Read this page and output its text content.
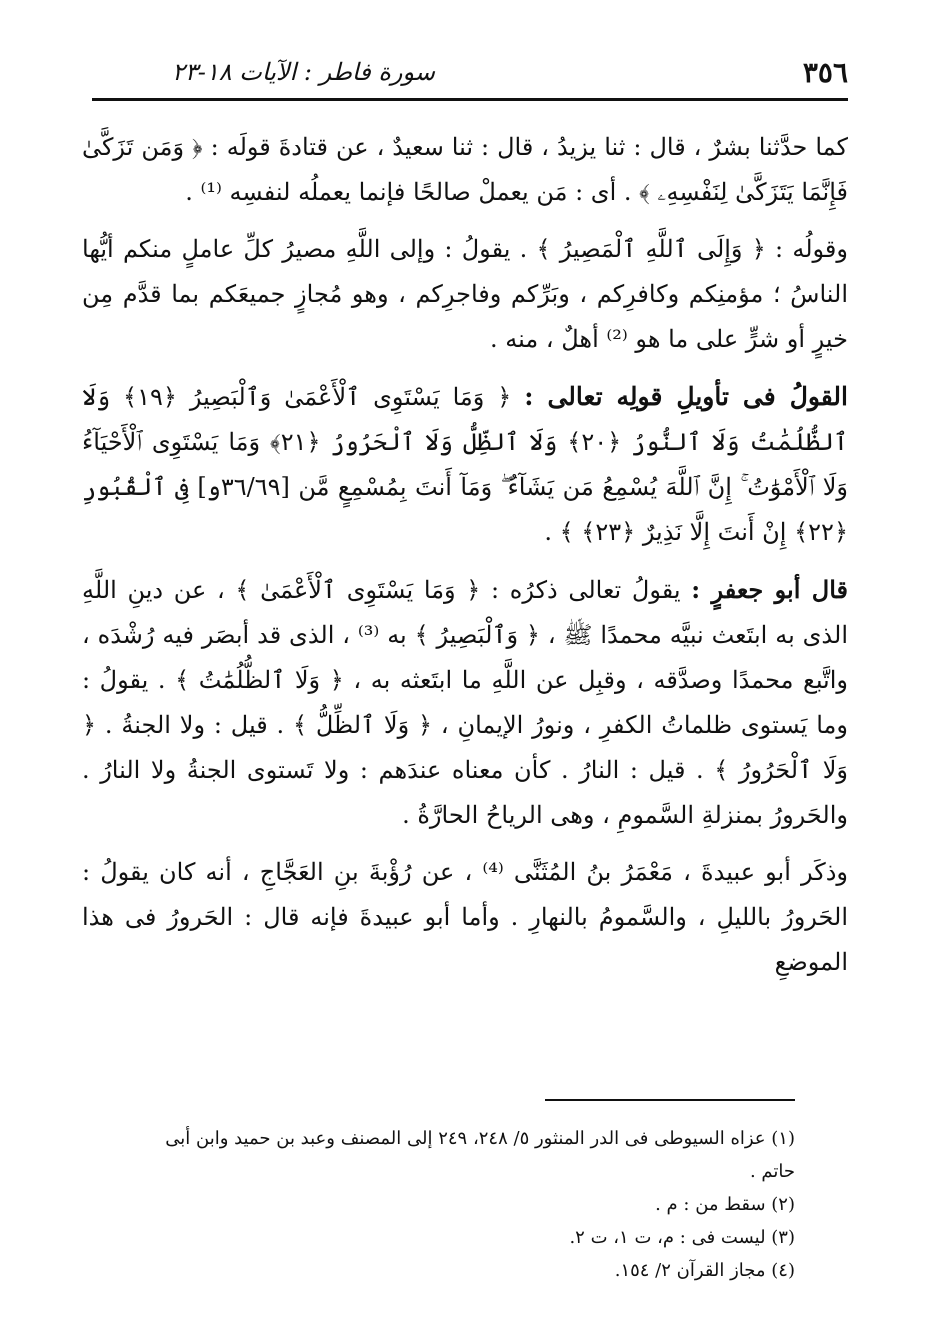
٣٥٦
سورة فاطر : الآيات ١٨-٢٣

كما حدَّثنا بشرٌ ، قال : ثنا يزيدُ ، قال : ثنا سعيدٌ ، عن قتادةَ قولَه : ﴿ وَمَن تَزَكَّىٰ فَإِنَّمَا يَتَزَكَّىٰ لِنَفْسِهِۦ ﴾ . أى : مَن يعملْ صالحًا فإنما يعملُه لنفسِه ⁽¹⁾ .

وقولُه : ﴿ وَإِلَى ٱللَّهِ ٱلْمَصِيرُ ﴾ . يقولُ : وإلى اللَّهِ مصيرُ كلِّ عاملٍ منكم أيُّها الناسُ ؛ مؤمنِكم وكافرِكم ، وبَرِّكم وفاجرِكم ، وهو مُجازٍ جميعَكم بما قدَّم مِن خيرٍ أو شرٍّ على ما هو ⁽²⁾ أهلٌ ، منه .

القولُ فى تأويلِ قولِه تعالى : ﴿ وَمَا يَسْتَوِى ٱلْأَعْمَىٰ وَٱلْبَصِيرُ ﴿١٩﴾ وَلَا ٱلظُّلُمَٰتُ وَلَا ٱلنُّورُ ﴿٢٠﴾ وَلَا ٱلظِّلُّ وَلَا ٱلْحَرُورُ ﴿٢١﴾ وَمَا يَسْتَوِى ٱلْأَحْيَآءُ وَلَا ٱلْأَمْوَٰتُ ۚ إِنَّ ٱللَّهَ يُسْمِعُ مَن يَشَآءُ ۖ وَمَآ أَنتَ بِمُسْمِعٍ مَّن [٣٦/٦٩و] فِى ٱلْقُبُورِ ﴿٢٢﴾ إِنْ أَنتَ إِلَّا نَذِيرٌ ﴿٢٣﴾ ﴾ .

قال أبو جعفرٍ : يقولُ تعالى ذكرُه : ﴿ وَمَا يَسْتَوِى ٱلْأَعْمَىٰ ﴾ ، عن دينِ اللَّهِ الذى به ابتَعث نبيَّه محمدًا ﷺ ، ﴿ وَٱلْبَصِيرُ ﴾ به ⁽³⁾ ، الذى قد أبصَر فيه رُشْدَه ، واتَّبع محمدًا وصدَّقه ، وقبِل عن اللَّهِ ما ابتَعثه به ، ﴿ وَلَا ٱلظُّلُمَٰتُ ﴾ . يقولُ : وما يَستوى ظلماتُ الكفرِ ، ونورُ الإيمانِ ، ﴿ وَلَا ٱلظِّلُّ ﴾ . قيل : ولا الجنةُ . ﴿ وَلَا ٱلْحَرُورُ ﴾ . قيل : النارُ . كأن معناه عندَهم : ولا تَستوى الجنةُ ولا النارُ . والحَرورُ بمنزلةِ السَّمومِ ، وهى الرياحُ الحارَّةُ .

وذكَر أبو عبيدةَ ، مَعْمَرُ بنُ المُثَنَّى ⁽⁴⁾ ، عن رُؤْبةَ بنِ العَجَّاجِ ، أنه كان يقولُ : الحَرورُ بالليلِ ، والسَّمومُ بالنهارِ . وأما أبو عبيدةَ فإنه قال : الحَرورُ فى هذا الموضعِ

(١) عزاه السيوطى فى الدر المنثور ٥/ ٢٤٨، ٢٤٩ إلى المصنف وعبد بن حميد وابن أبى حاتم .

(٢) سقط من : م .

(٣) ليست فى : م، ت ١، ت ٢.

(٤) مجاز القرآن ٢/ ١٥٤.
